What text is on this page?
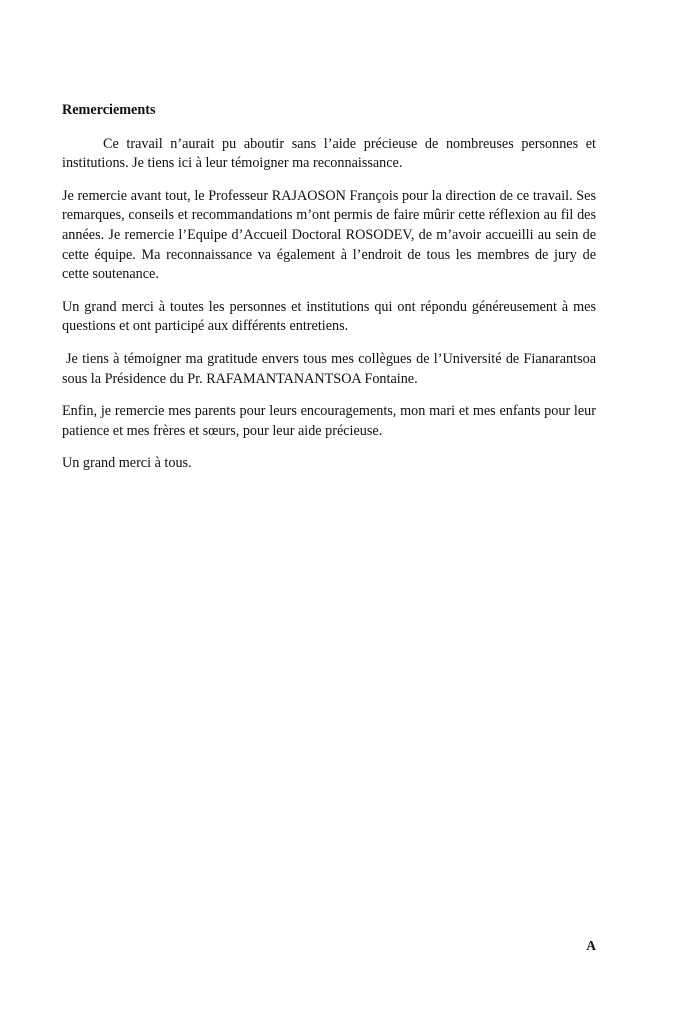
Remerciements

Ce travail n’aurait pu aboutir sans l’aide précieuse de nombreuses personnes et institutions. Je tiens ici à leur témoigner ma reconnaissance.

Je remercie avant tout, le Professeur RAJAOSON François pour la direction de ce travail. Ses remarques, conseils et recommandations m’ont permis de faire mûrir cette réflexion au fil des années. Je remercie l’Equipe d’Accueil Doctoral ROSODEV, de m’avoir accueilli au sein de cette équipe. Ma reconnaissance va également à l’endroit de tous les membres de jury de cette soutenance.

Un grand merci à toutes les personnes et institutions qui ont répondu généreusement à mes questions et ont participé aux différents entretiens.

Je tiens à témoigner ma gratitude envers tous mes collègues de l’Université de Fianarantsoa sous la Présidence du Pr. RAFAMANTANANTSOA Fontaine.

Enfin, je remercie mes parents pour leurs encouragements, mon mari et mes enfants pour leur patience et mes frères et sœurs, pour leur aide précieuse.

Un grand merci à tous.

A
